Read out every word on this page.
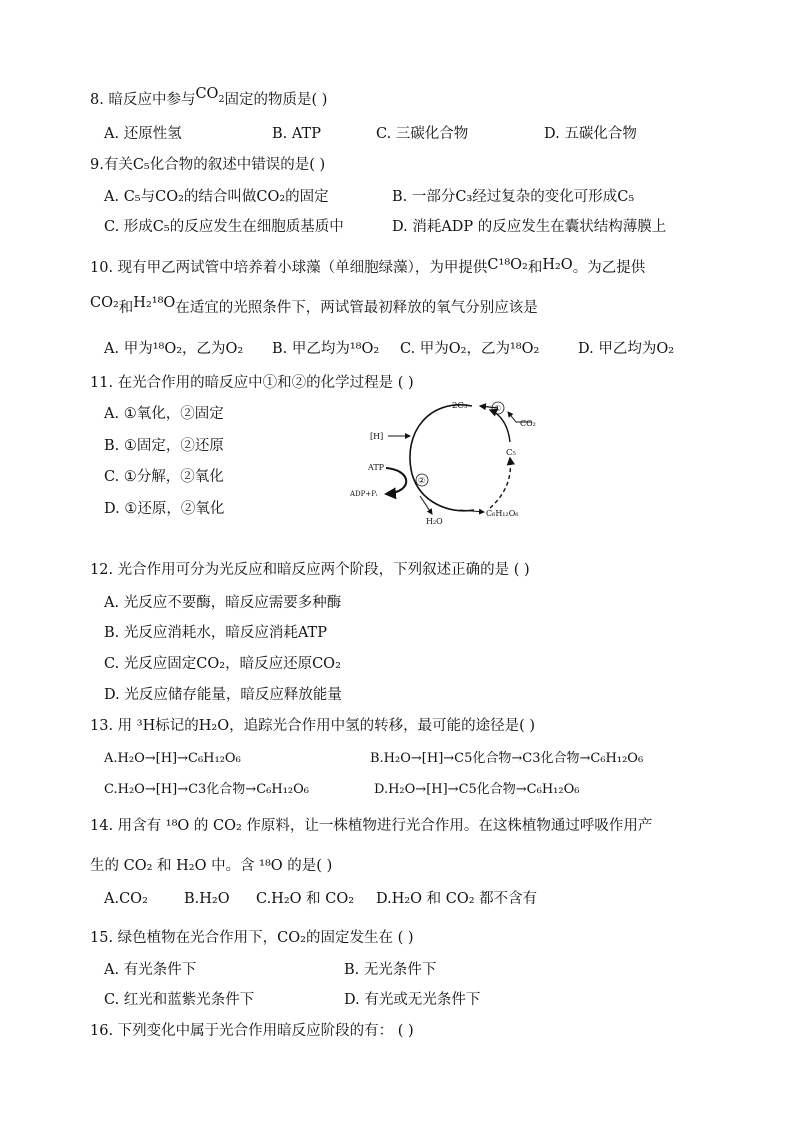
8. 暗反应中参与$CO_2$固定的物质是( )
A. 还原性氢	B. ATP	C. 三碳化合物	D. 五碳化合物
9.有关C₅化合物的叙述中错误的是( )
A. C₅与CO₂的结合叫做CO₂的固定	B. 一部分C₃经过复杂的变化可形成C₅
C. 形成C₅的反应发生在细胞质基质中	D. 消耗ADP 的反应发生在囊状结构薄膜上
10. 现有甲乙两试管中培养着小球藻（单细胞绿藻），为甲提供C¹⁸O₂和H₂O。为乙提供
CO₂和H₂¹⁸O在适宜的光照条件下，两试管最初释放的氧气分别应该是
A. 甲为¹⁸O₂，乙为O₂ B. 甲乙均为¹⁸O₂ C. 甲为O₂，乙为¹⁸O₂	D. 甲乙均为O₂
11. 在光合作用的暗反应中①和②的化学过程是 ( )
A. ①氧化，②固定
B. ①固定，②还原
C. ①分解，②氧化
D. ①还原，②氧化
2C₃	①
CO₂
C₅
[H]
ATP
②
ADP+Pᵢ
H₂O
C₆H₁₂O₆
12. 光合作用可分为光反应和暗反应两个阶段，下列叙述正确的是 ( )
A. 光反应不要酶，暗反应需要多种酶
B. 光反应消耗水，暗反应消耗ATP
C. 光反应固定CO₂，暗反应还原CO₂
D. 光反应储存能量，暗反应释放能量
13. 用 ³H标记的H₂O，追踪光合作用中氢的转移，最可能的途径是( )
A.H₂O→[H]→C₆H₁₂O₆	B.H₂O→[H]→C5化合物→C3化合物→C₆H₁₂O₆
C.H₂O→[H]→C3化合物→C₆H₁₂O₆	D.H₂O→[H]→C5化合物→C₆H₁₂O₆
14. 用含有 ¹⁸O 的 CO₂ 作原料，让一株植物进行光合作用。在这株植物通过呼吸作用产
生的 CO₂ 和 H₂O 中。含 ¹⁸O 的是( )
A.CO₂ B.H₂O C.H₂O 和 CO₂ D.H₂O 和 CO₂ 都不含有
15. 绿色植物在光合作用下，CO₂的固定发生在 ( )
A. 有光条件下	B. 无光条件下
C. 红光和蓝紫光条件下	D. 有光或无光条件下
16. 下列变化中属于光合作用暗反应阶段的有： ( )
